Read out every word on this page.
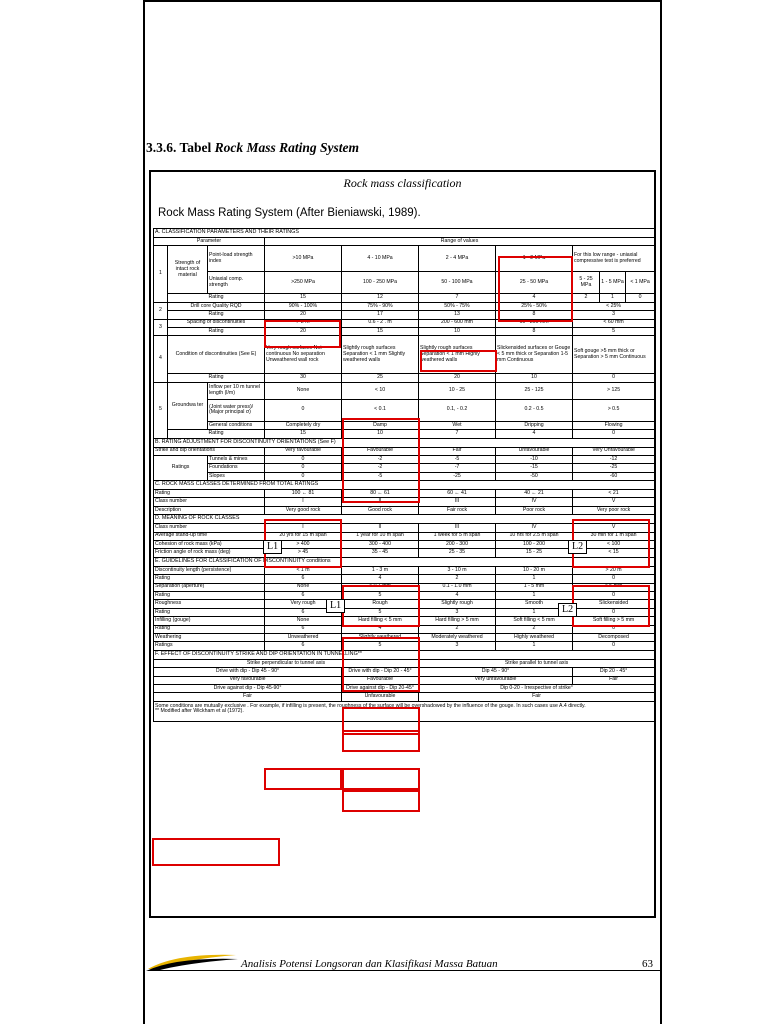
3.3.6. Tabel Rock Mass Rating System
Rock mass classification
Rock Mass Rating System (After Bieniawski, 1989).
A. CLASSIFICATION PARAMETERS AND THEIR RATINGS									
Parameter			Range of values						
1	Strength of intact rock material	Point-load strength index	>10 MPa	4 - 10 MPa	2 - 4 MPa	1 - 2 MPa	For this low range - uniaxial compressive test is preferred		
		Uniaxial comp. strength	>250 MPa	100 - 250 MPa	50 - 100 MPa	25 - 50 MPa	5 - 25 MPa	1 - 5 MPa	< 1 MPa
	Rating		15	12	7	4	2	1	0
2	Drill core Quality RQD		90% - 100%	75% - 90%	50% - 75%	25% - 50%	< 25%		
	Rating		20	17	13	8	3		
3	Spacing of discontinuities		> 2 m	0.6 - 2 . m	200 - 600 mm	60 - 200 mm	< 60 mm		
	Rating		20	15	10	8	5		
4	Condition of discontinuities (See E)		Very rough surfaces Not continuous No separation Unweathered wall rock	Slightly rough surfaces Separation < 1 mm Slightly weathered walls	Slightly rough surfaces Separation < 1 mm Highly weathered walls	Slickensided surfaces or Gouge < 5 mm thick or Separation 1-5 mm Continuous	Soft gouge >5 mm thick or Separation > 5 mm Continuous		
	Rating		30	25	20	10	0		
5	Groundwa ter	Inflow per 10 m tunnel length (l/m)	None	< 10	10 - 25	25 - 125	> 125		
		(Joint water press)/ (Major principal σ)	0	< 0.1	0.1, - 0.2	0.2 - 0.5	> 0.5		
		General conditions	Completely dry	Damp	Wet	Dripping	Flowing		
	Rating		15	10	7	4	0		
B. RATING ADJUSTMENT FOR DISCONTINUITY ORIENTATIONS (See F)									
Strike and dip orientations			Very favourable	Favourable	Fair	Unfavourable	Very Unfavourable		
Ratings		Tunnels & mines	0	-2	-5	-10	-12		
		Foundations	0	-2	-7	-15	-25		
		Slopes	0	-5	-25	-50	-60		
C. ROCK MASS CLASSES DETERMINED FROM TOTAL RATINGS									
Rating			100 ← 81	80 ← 61	60 ← 41	40 ← 21	< 21		
Class number			I	II	III	IV	V		
Description			Very good rock	Good rock	Fair rock	Poor rock	Very poor rock		
D. MEANING OF ROCK CLASSES									
Class number			I	II	III	IV	V		
Average stand-up time			20 yrs for 15 m span	1 year for 10 m span	1 week for 5 m span	10 hrs for 2.5 m span	30 min for 1 m span		
Cohesion of rock mass (kPa)			> 400	300 - 400	200 - 300	100 - 200	< 100		
Friction angle of rock mass (deg)			> 45	35 - 45	25 - 35	15 - 25	< 15		
E. GUIDELINES FOR CLASSIFICATION OF DISCONTINUITY conditions									
Discontinuity length (persistence)			< 1 m	1 - 3 m	3 - 10 m	10 - 20 m	> 20 m		
Rating			6	4	2	1	0		
Separation (aperture)			None	< 0.1 mm	0.1 - 1.0 mm	1 - 5 mm	> 5 mm		
Rating			6	5	4	1	0		
Roughness			Very rough	Rough	Slightly rough	Smooth	Slickensided		
Rating			6	5	3	1	0		
Infilling (gouge)			None	Hard filling < 5 mm	Hard filling > 5 mm	Soft filling < 5 mm	Soft filling > 5 mm		
Rating			6	4	2	2	0		
Weathering			Unweathered	Slightly weathered	Moderately weathered	Highly weathered	Decomposed		
Ratings			6	5	3	1	0		
F. EFFECT OF DISCONTINUITY STRIKE AND DIP ORIENTATION IN TUNNELLING**									
Strike perpendicular to tunnel axis					Strike parallel to tunnel axis				
Drive with dip - Dip 45 - 90°				Drive with dip - Dip 20 - 45°	Dip 45 - 90°		Dip 20 - 45°		
Very favourable				Favourable	Very unfavourable		Fair		
Drive against dip - Dip 45-90°				Drive against dip - Dip 20-45°	Dip 0-20 - Irrespective of strike°				
Fair				Unfavourable	Fair				

Some conditions are mutually exclusive . For example, if infilling is present, the roughness of the surface will be overshadowed by the influence of the gouge. In such cases use A.4 directly.
** Modified after Wickham et al (1972).									
L1	L2
L1	L2
Analisis Potensi Longsoran dan Klasifikasi Massa Batuan	63
